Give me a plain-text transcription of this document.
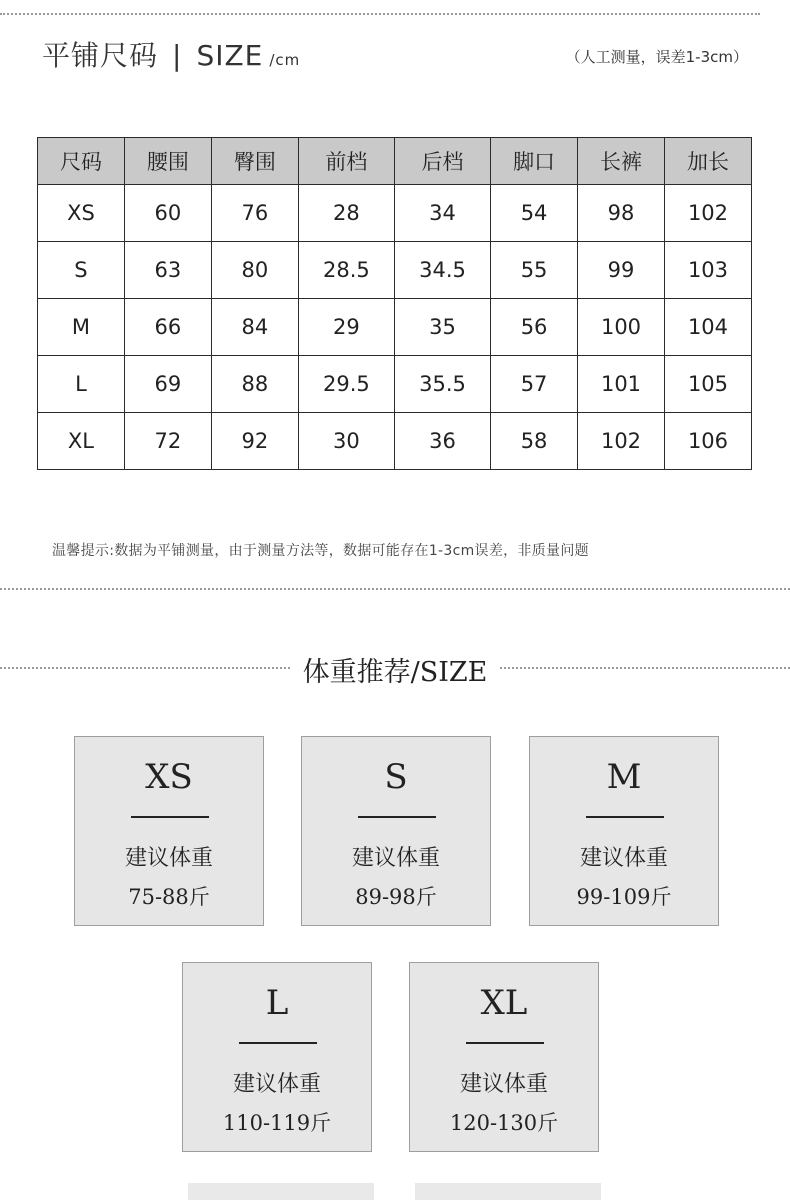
平铺尺码 | SIZE /cm	（人工测量，误差1-3cm）
尺码	腰围	臀围	前档	后档	脚口	长裤	加长
XS	60	76	28	34	54	98	102
S	63	80	28.5	34.5	55	99	103
M	66	84	29	35	56	100	104
L	69	88	29.5	35.5	57	101	105
XL	72	92	30	36	58	102	106
温馨提示:数据为平铺测量，由于测量方法等，数据可能存在1-3cm误差，非质量问题
体重推荐/SIZE
XS
建议体重
75-88斤
S
建议体重
89-98斤
M
建议体重
99-109斤
L
建议体重
110-119斤
XL
建议体重
120-130斤
